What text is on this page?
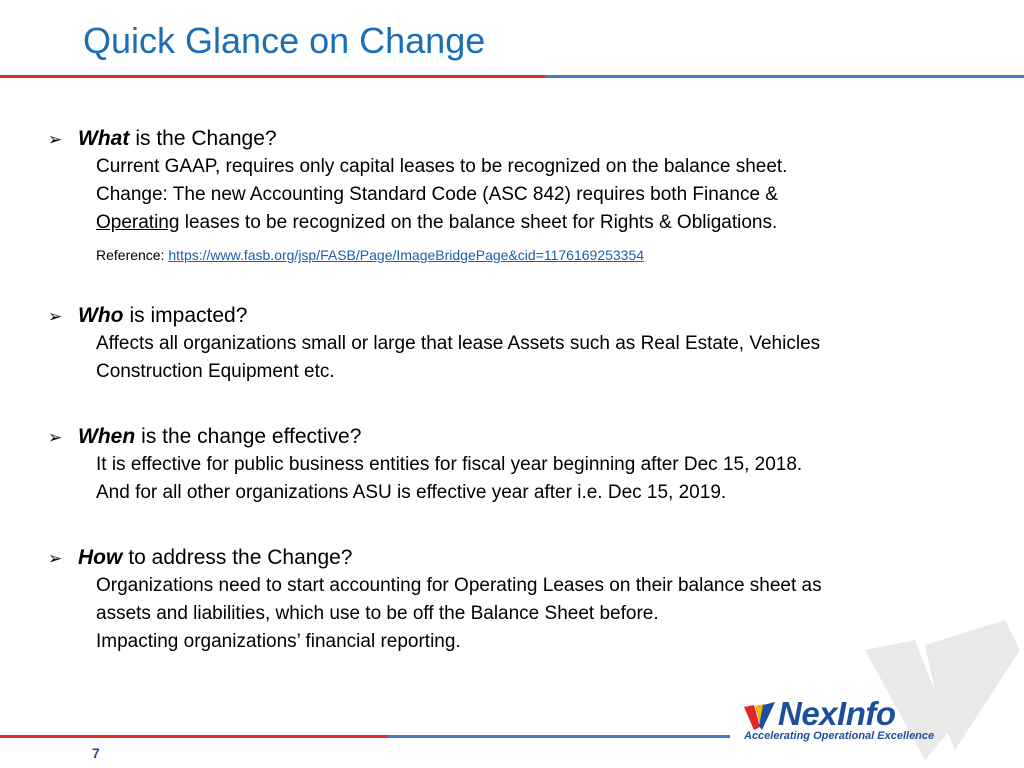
Quick Glance on Change
➢ What is the Change?
Current GAAP, requires only capital leases to be recognized on the balance sheet.
Change: The new Accounting Standard Code (ASC 842) requires both Finance &
Operating leases to be recognized on the balance sheet for Rights & Obligations.
Reference: https://www.fasb.org/jsp/FASB/Page/ImageBridgePage&cid=1176169253354
➢ Who is impacted?
Affects all organizations small or large that lease Assets such as Real Estate, Vehicles
Construction Equipment etc.
➢ When is the change effective?
It is effective for public business entities for fiscal year beginning after Dec 15, 2018.
And for all other organizations ASU is effective year after i.e. Dec 15, 2019.
➢ How to address the Change?
Organizations need to start accounting for Operating Leases on their balance sheet as
assets and liabilities, which use to be off the Balance Sheet before.
Impacting organizations’ financial reporting.
NexInfo
Accelerating Operational Excellence
7
